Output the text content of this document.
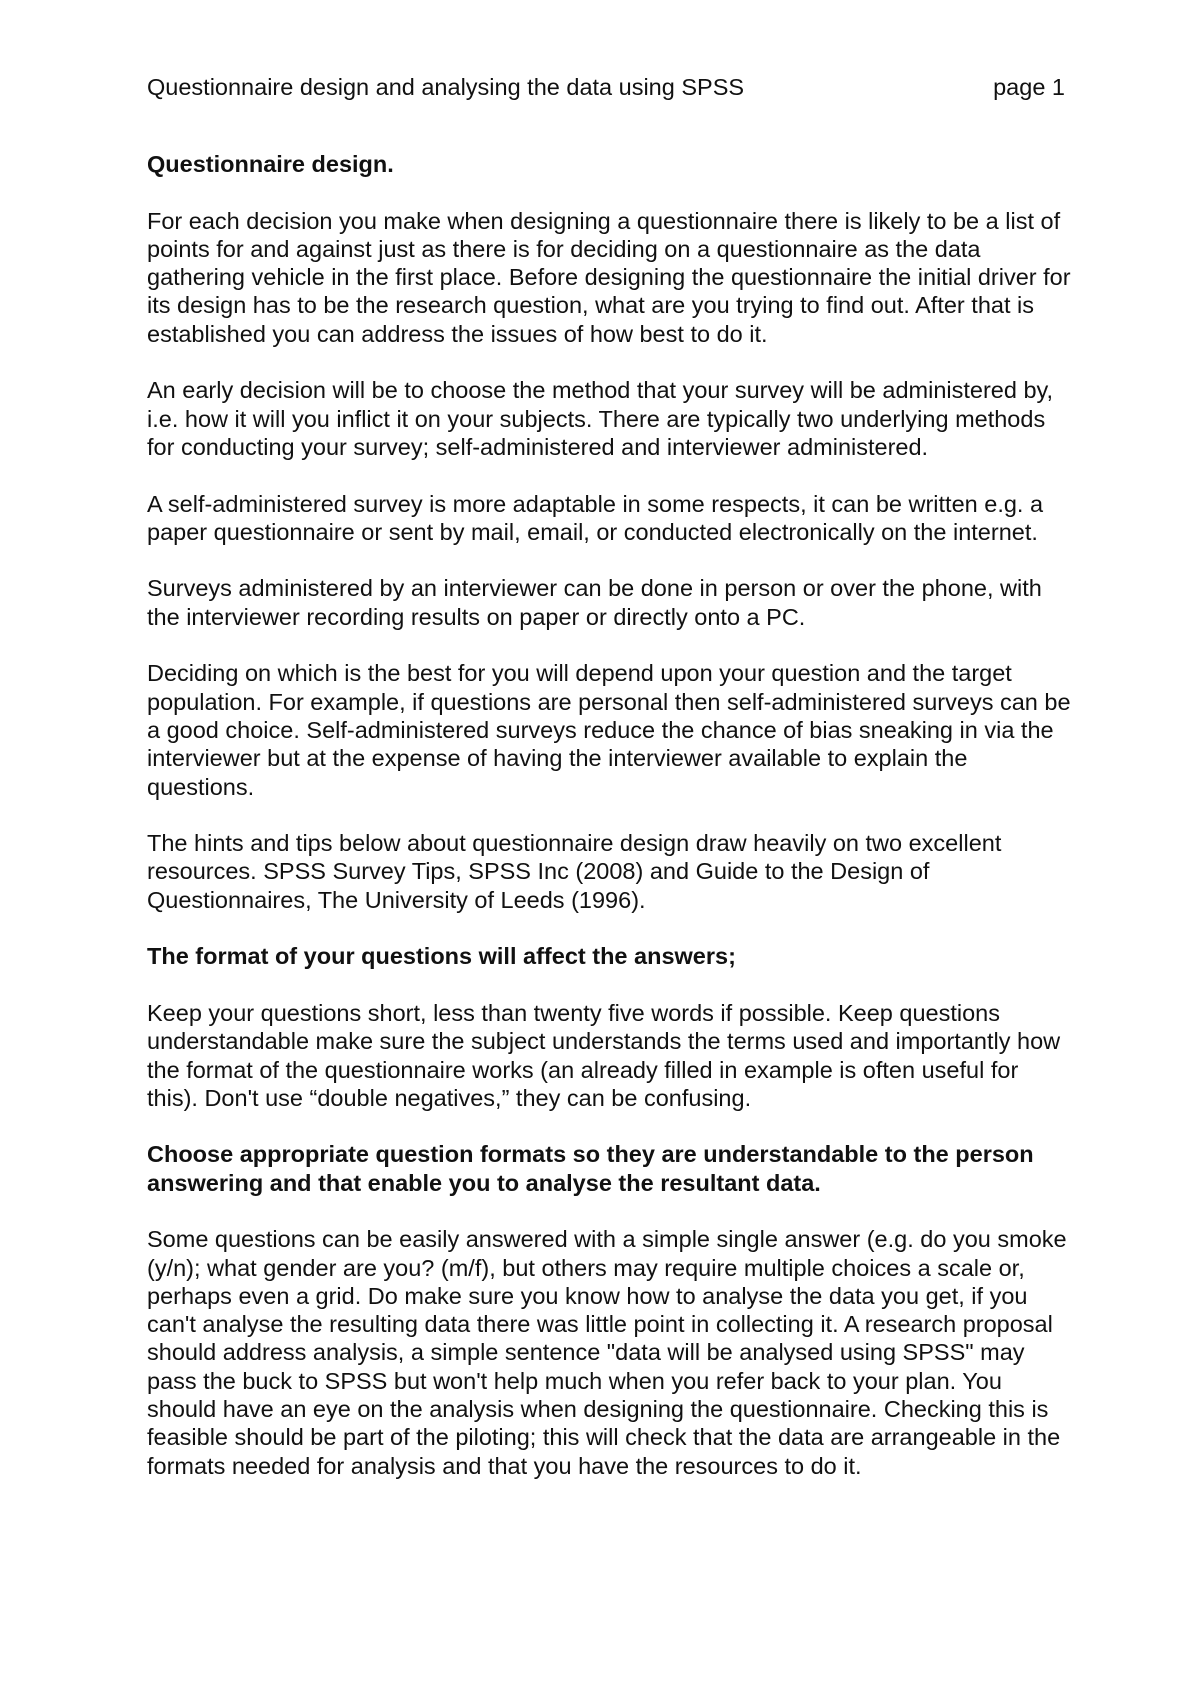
Questionnaire design and analysing the data using SPSS	page 1

Questionnaire design.

For each decision you make when designing a questionnaire there is likely to be a list of points for and against just as there is for deciding on a questionnaire as the data gathering vehicle in the first place. Before designing the questionnaire the initial driver for its design has to be the research question, what are you trying to find out. After that is established you can address the issues of how best to do it.

An early decision will be to choose the method that your survey will be administered by, i.e. how it will you inflict it on your subjects. There are typically two underlying methods for conducting your survey; self-administered and interviewer administered.

A self-administered survey is more adaptable in some respects, it can be written e.g. a paper questionnaire or sent by mail, email, or conducted electronically on the internet.

Surveys administered by an interviewer can be done in person or over the phone, with the interviewer recording results on paper or directly onto a PC.

Deciding on which is the best for you will depend upon your question and the target population. For example, if questions are personal then self-administered surveys can be a good choice. Self-administered surveys reduce the chance of bias sneaking in via the interviewer but at the expense of having the interviewer available to explain the questions.

The hints and tips below about questionnaire design draw heavily on two excellent resources. SPSS Survey Tips, SPSS Inc (2008) and Guide to the Design of Questionnaires, The University of Leeds (1996).

The format of your questions will affect the answers;

Keep your questions short, less than twenty five words if possible. Keep questions understandable make sure the subject understands the terms used and importantly how the format of the questionnaire works (an already filled in example is often useful for this). Don't use “double negatives,” they can be confusing.

Choose appropriate question formats so they are understandable to the person answering and that enable you to analyse the resultant data.

Some questions can be easily answered with a simple single answer (e.g. do you smoke (y/n); what gender are you? (m/f), but others may require multiple choices a scale or, perhaps even a grid. Do make sure you know how to analyse the data you get, if you can't analyse the resulting data there was little point in collecting it. A research proposal should address analysis, a simple sentence "data will be analysed using SPSS" may pass the buck to SPSS but won't help much when you refer back to your plan. You should have an eye on the analysis when designing the questionnaire. Checking this is feasible should be part of the piloting; this will check that the data are arrangeable in the formats needed for analysis and that you have the resources to do it.
